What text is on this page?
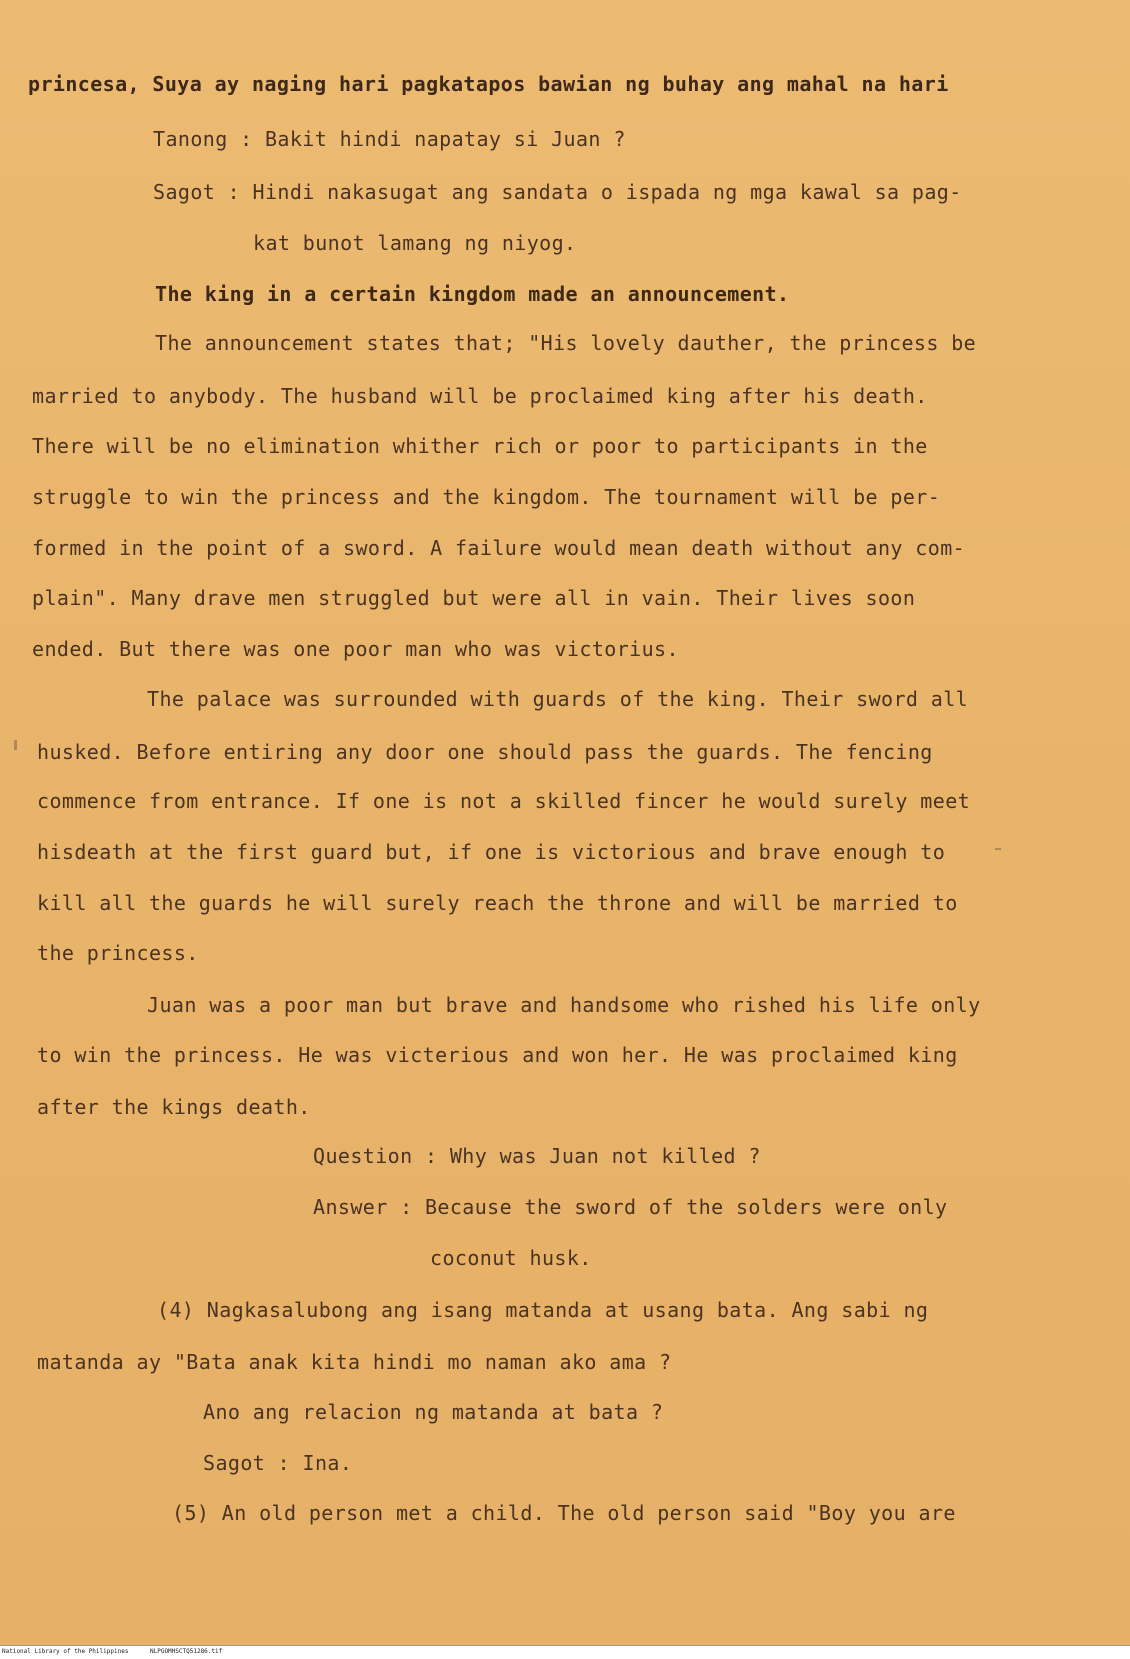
princesa, Suya ay naging hari pagkatapos bawian ng buhay ang mahal na hari
Tanong : Bakit hindi napatay si Juan ?
Sagot : Hindi nakasugat ang sandata o ispada ng mga kawal sa pag-
kat bunot lamang ng niyog.
The king in a certain kingdom made an announcement.
The announcement states that; "His lovely dauther, the princess be
married to anybody. The husband will be proclaimed king after his death.
There will be no elimination whither rich or poor to participants in the
struggle to win the princess and the kingdom. The tournament will be per-
formed in the point of a sword. A failure would mean death without any com-
plain". Many drave men struggled but were all in vain. Their lives soon
ended. But there was one poor man who was victorius.
The palace was surrounded with guards of the king. Their sword all
husked. Before entiring any door one should pass the guards. The fencing
commence from entrance. If one is not a skilled fincer he would surely meet
hisdeath at the first guard but, if one is victorious and brave enough to
kill all the guards he will surely reach the throne and will be married to
the princess.
Juan was a poor man but brave and handsome who rished his life only
to win the princess. He was victerious and won her. He was proclaimed king
after the kings death.
Question : Why was Juan not killed ?
Answer : Because the sword of the solders were only
coconut husk.
(4) Nagkasalubong ang isang matanda at usang bata. Ang sabi ng
matanda ay "Bata anak kita hindi mo naman ako ama ?
Ano ang relacion ng matanda at bata ?
Sagot : Ina.
(5) An old person met a child. The old person said "Boy you are
National Library of the Philippines	NLPGOMHSCTQ51286.tif
